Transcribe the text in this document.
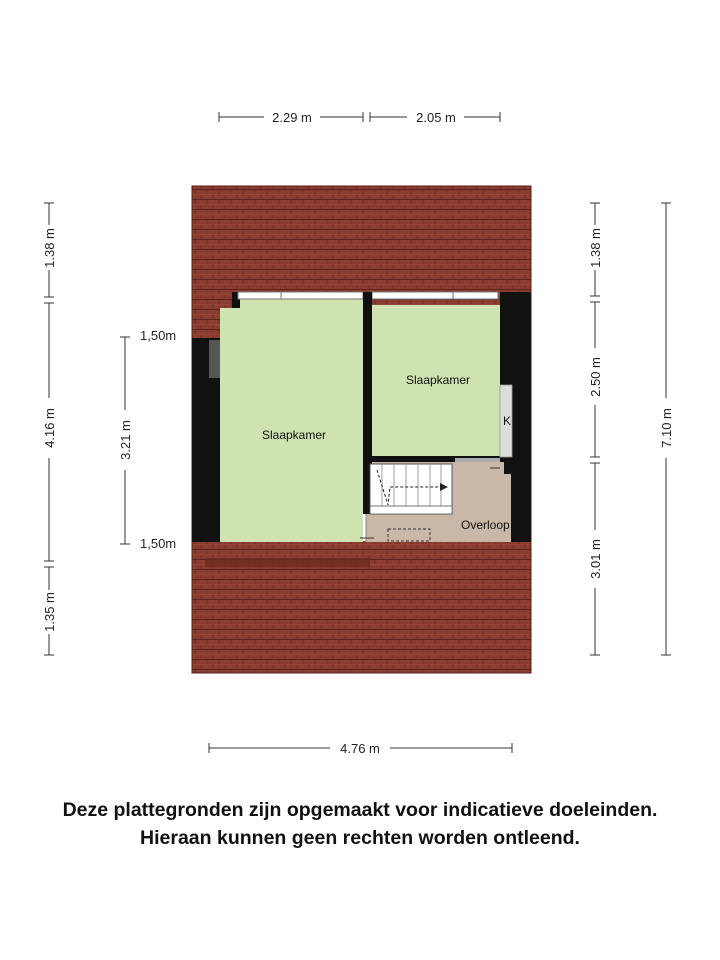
Slaapkamer
Slaapkamer
Overloop
K
2.29 m	2.05 m
4.76 m
1.38 m
4.16 m
1.35 m
3.21 m
1,50m
1,50m
1.38 m
2.50 m
3.01 m
7.10 m
Deze plattegronden zijn opgemaakt voor indicatieve doeleinden.
Hieraan kunnen geen rechten worden ontleend.
